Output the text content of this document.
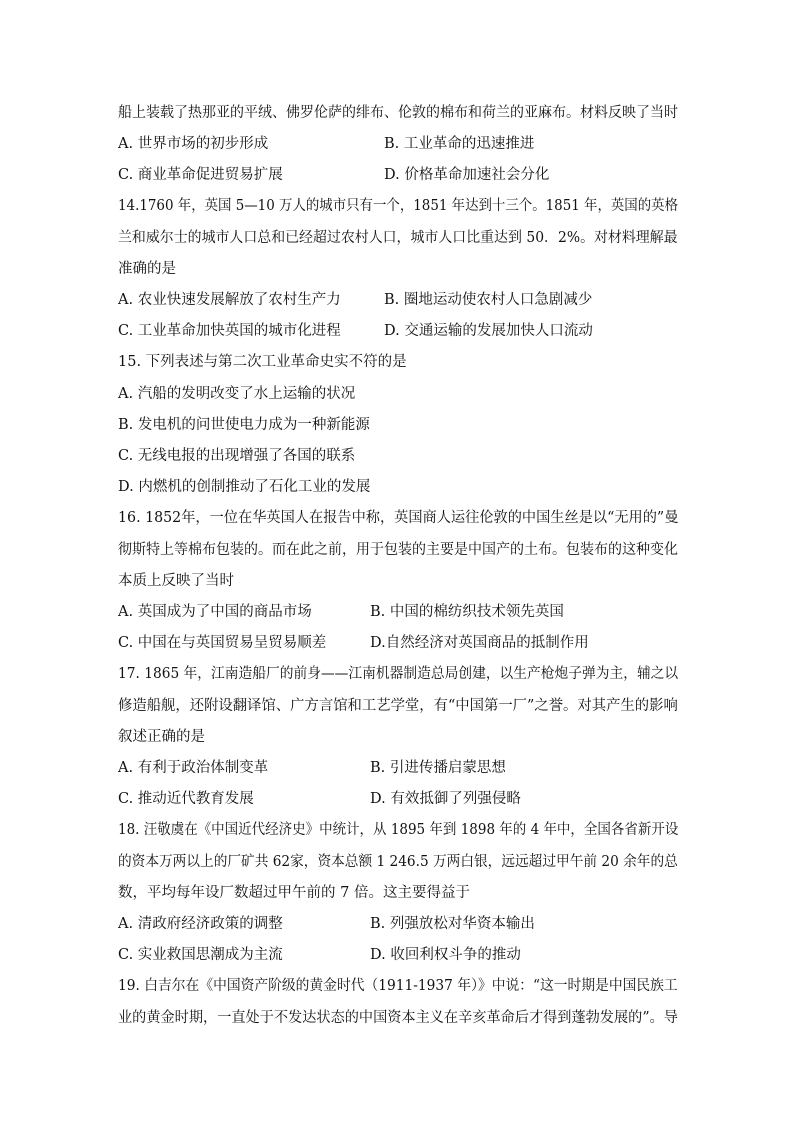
船上装载了热那亚的平绒、佛罗伦萨的绯布、伦敦的棉布和荷兰的亚麻布。材料反映了当时
A. 世界市场的初步形成	B. 工业革命的迅速推进
C. 商业革命促进贸易扩展	D. 价格革命加速社会分化
14.1760 年，英国 5—10 万人的城市只有一个，1851 年达到十三个。1851 年，英国的英格
兰和威尔士的城市人口总和已经超过农村人口，城市人口比重达到 50．2%。对材料理解最
准确的是
A. 农业快速发展解放了农村生产力	B. 圈地运动使农村人口急剧减少
C. 工业革命加快英国的城市化进程	D. 交通运输的发展加快人口流动
15. 下列表述与第二次工业革命史实不符的是
A. 汽船的发明改变了水上运输的状况
B. 发电机的问世使电力成为一种新能源
C. 无线电报的出现增强了各国的联系
D. 内燃机的创制推动了石化工业的发展
16. 1852年，一位在华英国人在报告中称，英国商人运往伦敦的中国生丝是以“无用的”曼
彻斯特上等棉布包装的。而在此之前，用于包装的主要是中国产的土布。包装布的这种变化
本质上反映了当时
A. 英国成为了中国的商品市场	B. 中国的棉纺织技术领先英国
C. 中国在与英国贸易呈贸易顺差	D.自然经济对英国商品的抵制作用
17. 1865 年，江南造船厂的前身——江南机器制造总局创建，以生产枪炮子弹为主，辅之以
修造船舰，还附设翻译馆、广方言馆和工艺学堂，有“中国第一厂”之誉。对其产生的影响
叙述正确的是
A. 有利于政治体制变革	B. 引进传播启蒙思想
C. 推动近代教育发展	D. 有效抵御了列强侵略
18. 汪敬虞在《中国近代经济史》中统计，从 1895 年到 1898 年的 4 年中，全国各省新开设
的资本万两以上的厂矿共 62家，资本总额 1 246.5 万两白银，远远超过甲午前 20 余年的总
数，平均每年设厂数超过甲午前的 7 倍。这主要得益于
A. 清政府经济政策的调整	B. 列强放松对华资本输出
C. 实业救国思潮成为主流	D. 收回利权斗争的推动
19. 白吉尔在《中国资产阶级的黄金时代（1911-1937 年）》中说：“这一时期是中国民族工
业的黄金时期，一直处于不发达状态的中国资本主义在辛亥革命后才得到蓬勃发展的”。导
